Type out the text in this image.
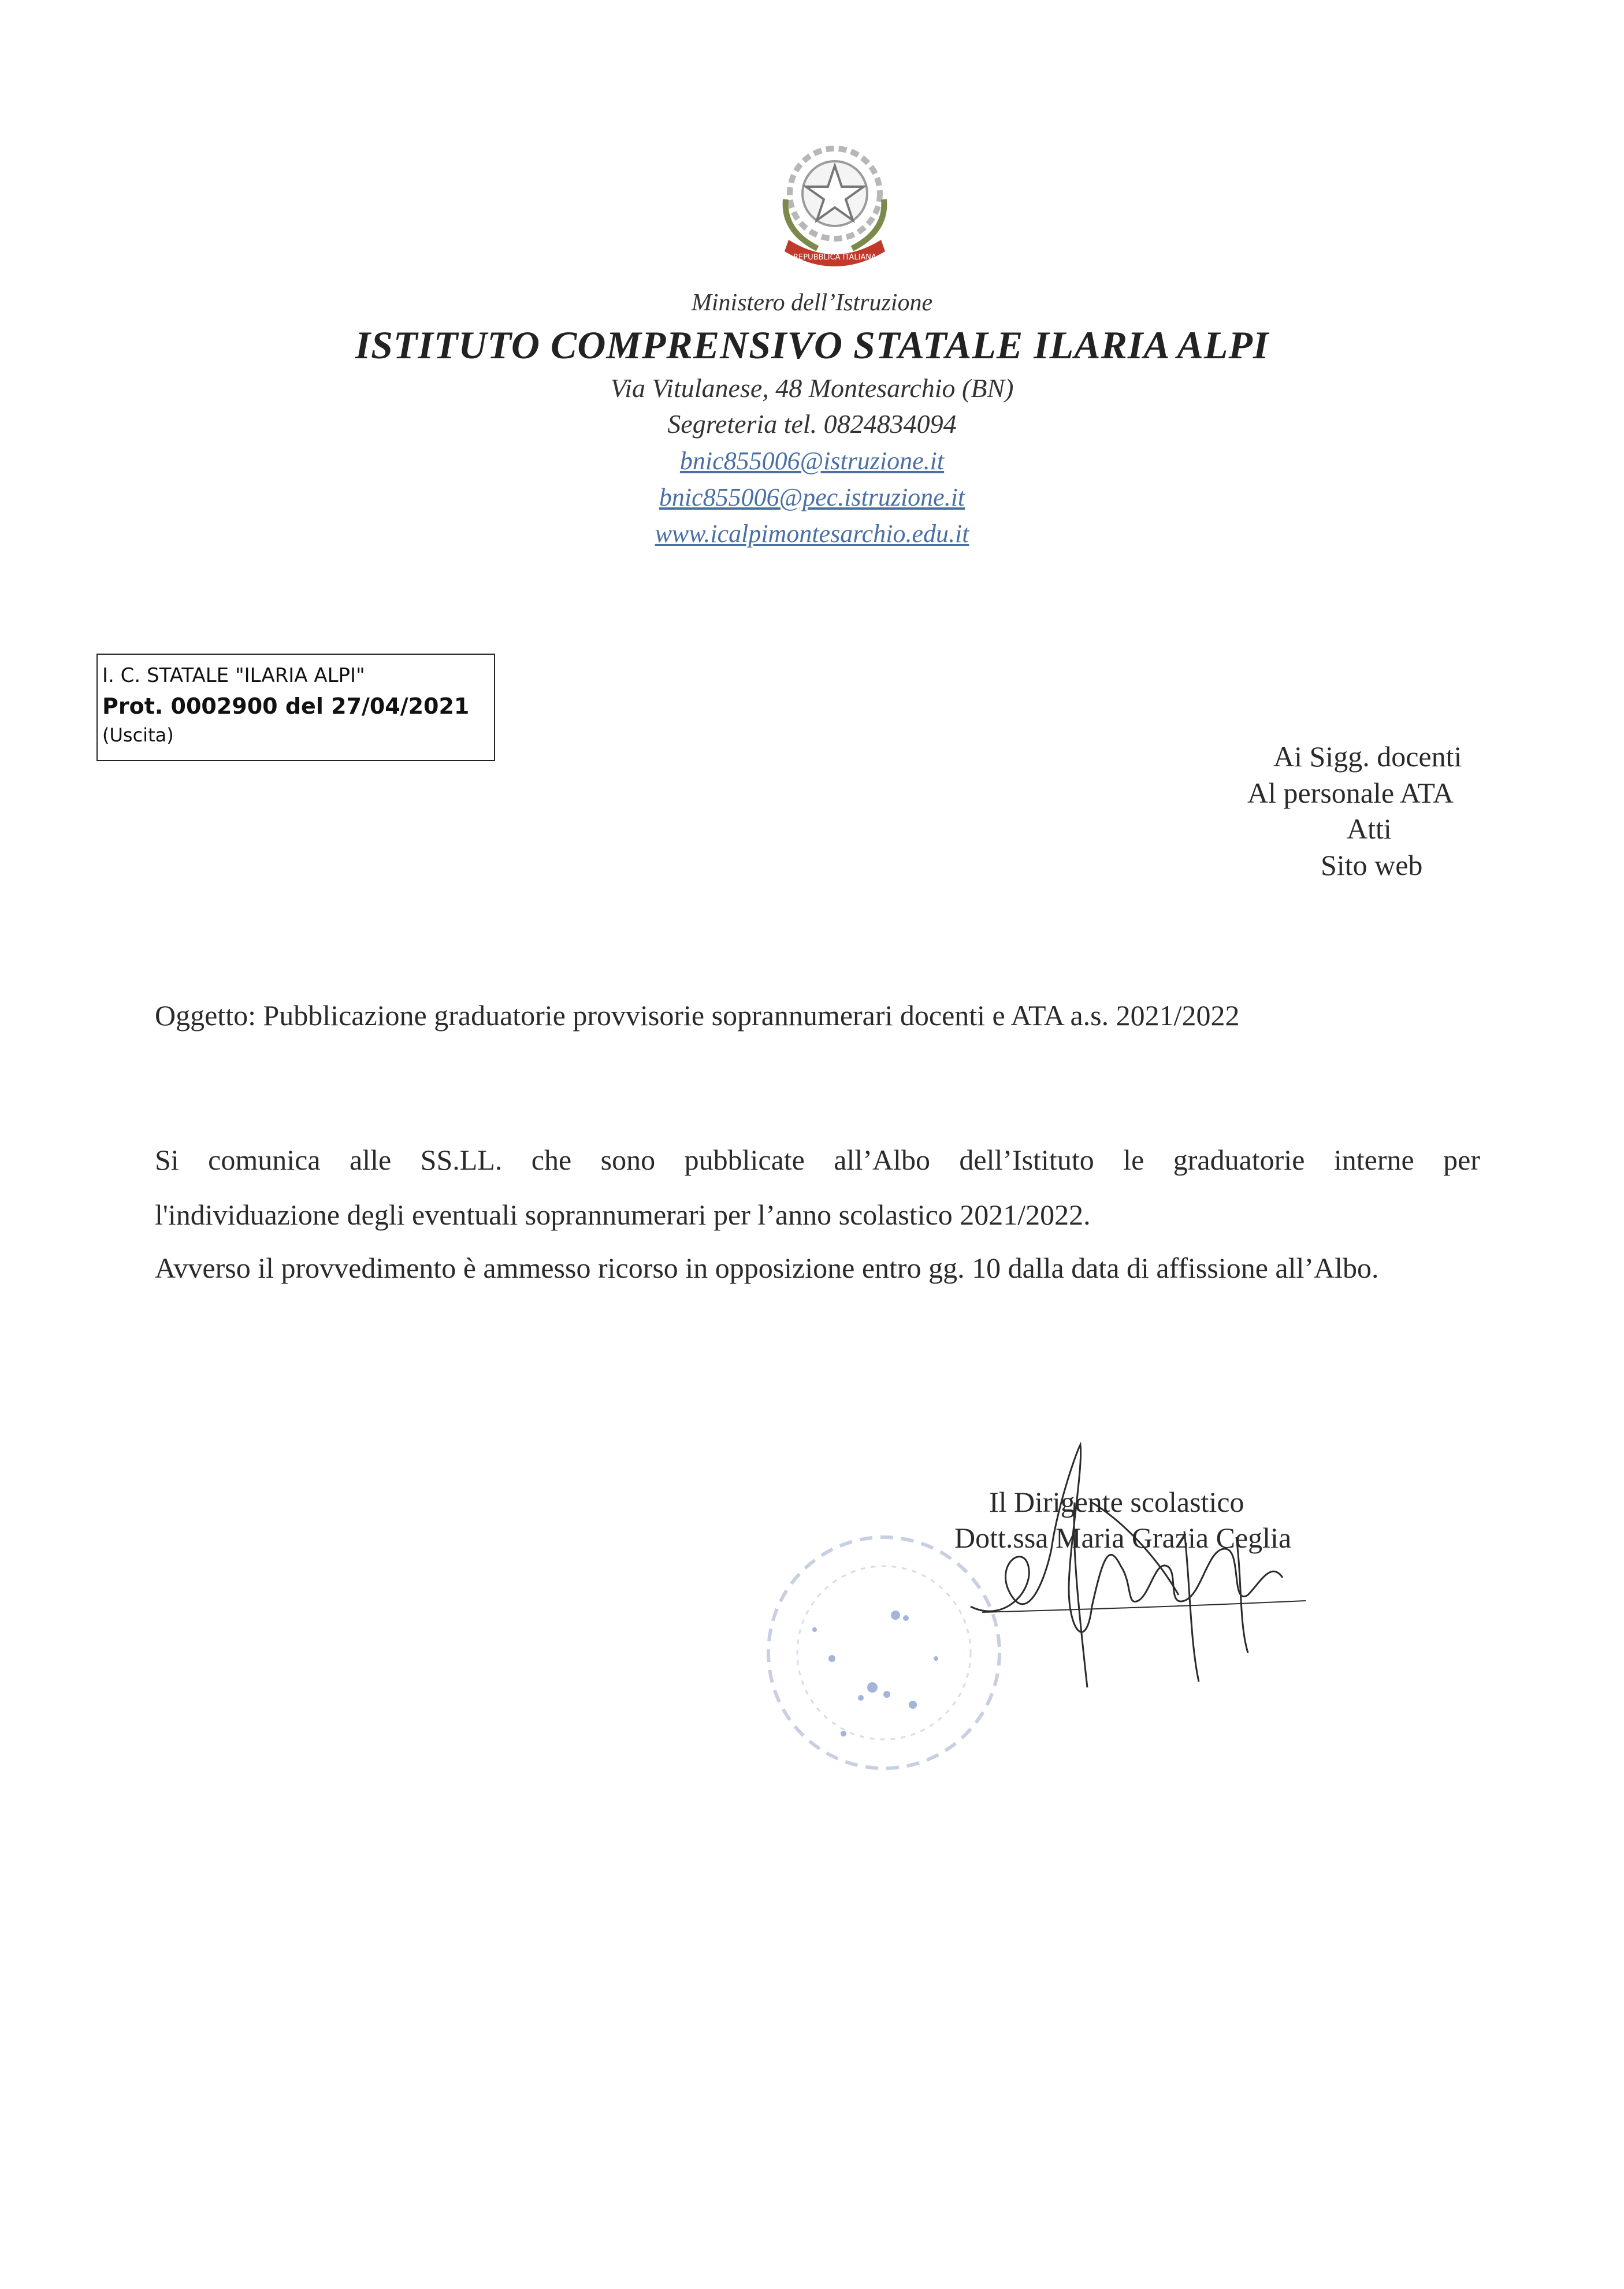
REPUBBLICA ITALIANA
Ministero dell’Istruzione
ISTITUTO COMPRENSIVO STATALE ILARIA ALPI
Via Vitulanese, 48 Montesarchio (BN)
Segreteria tel. 0824834094
bnic855006@istruzione.it
bnic855006@pec.istruzione.it
www.icalpimontesarchio.edu.it
I. C. STATALE "ILARIA ALPI"
Prot. 0002900 del 27/04/2021
(Uscita)
Ai Sigg. docenti
Al personale ATA
Atti
Sito web
Oggetto: Pubblicazione graduatorie provvisorie soprannumerari docenti e ATA a.s. 2021/2022
Si comunica alle SS.LL. che sono pubblicate all’Albo dell’Istituto le graduatorie interne per
l'individuazione degli eventuali soprannumerari per l’anno scolastico 2021/2022.
Avverso il provvedimento è ammesso ricorso in opposizione entro gg. 10 dalla data di affissione all’Albo.
Il Dirigente scolastico
Dott.ssa Maria Grazia Ceglia
